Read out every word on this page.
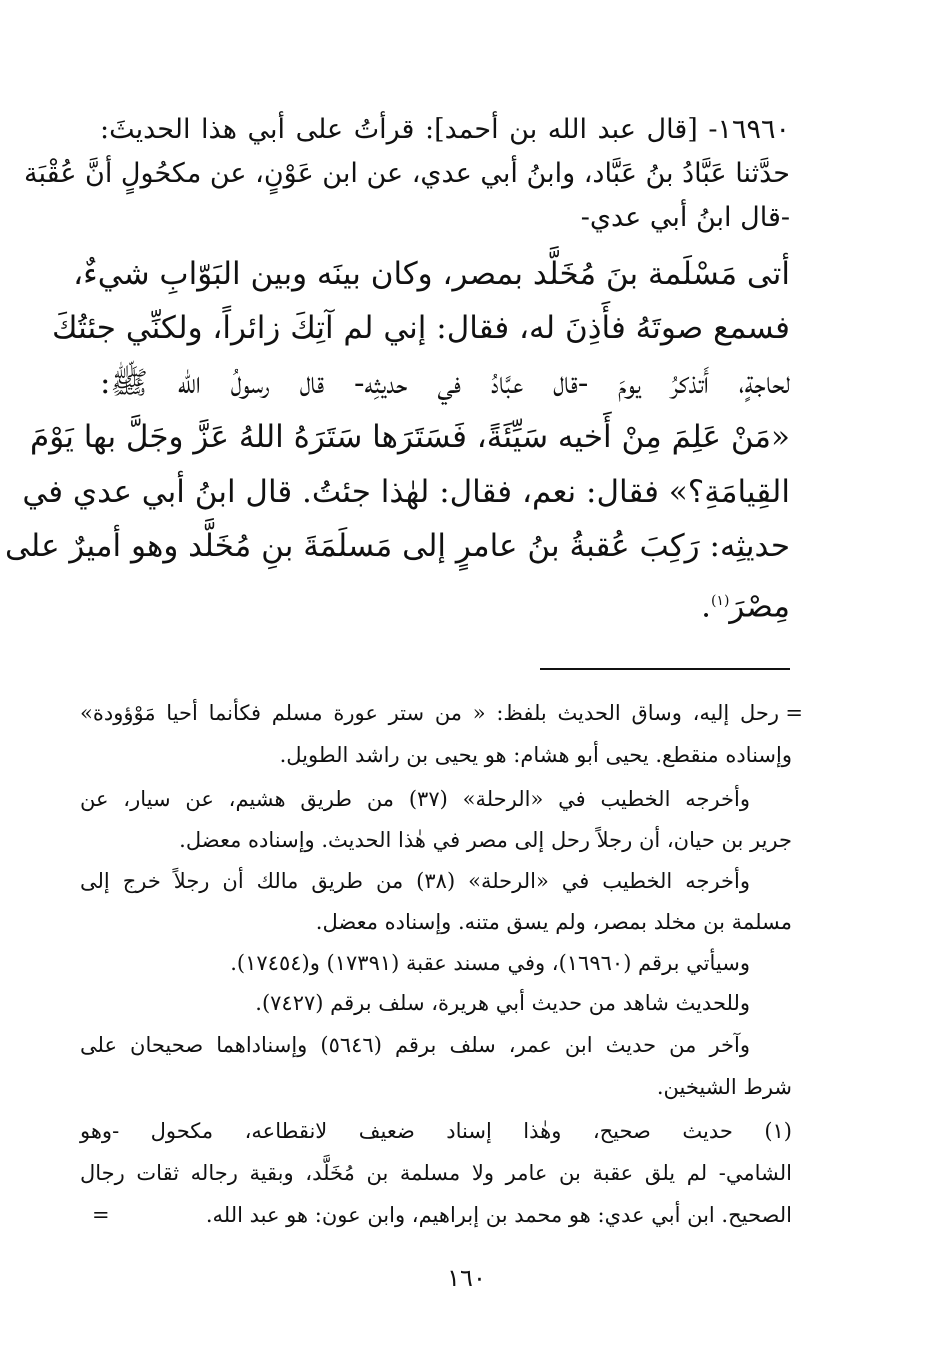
١٦٩٦٠- [قال عبد الله بن أحمد]: قرأتُ على أبي هذا الحديثَ:
حدَّثنا عَبَّادُ بنُ عَبَّاد، وابنُ أبي عدي، عن ابن عَوْنٍ، عن مكحُولٍ أنَّ عُقْبَة
-قال ابنُ أبي عدي-
أتى مَسْلَمة بنَ مُخَلَّد بمصر، وكان بينَه وبين البَوّابِ شيءٌ،
فسمع صوتَهُ فأَذِنَ له، فقال: إني لم آتِكَ زائراً، ولكنِّي جئتُكَ
لحاجةٍ، أَتذكرُ يومَ -قال عبَّادُ في حديثِه- قال رسولُ الله ﷺ:
«مَنْ عَلِمَ مِنْ أَخيه سَيِّئَةً، فَسَتَرَها سَتَرَهُ اللهُ عَزَّ وجَلَّ بها يَوْمَ
القِيامَةِ؟» فقال: نعم، فقال: لهٰذا جئتُ. قال ابنُ أبي عدي في
حديثِه: رَكِبَ عُقبةُ بنُ عامرٍ إلى مَسلَمَةَ بنِ مُخَلَّد وهو أميرٌ على
مِصْرَ$^{(١)}$.
=
رحل إليه، وساق الحديث بلفظ: « من ستر عورة مسلم فكأنما أحيا مَوْؤودة»
وإسناده منقطع. يحيى أبو هشام: هو يحيى بن راشد الطويل.
وأخرجه الخطيب في «الرحلة» (٣٧) من طريق هشيم، عن سيار، عن
جرير بن حيان، أن رجلاً رحل إلى مصر في هٰذا الحديث. وإسناده معضل.
وأخرجه الخطيب في «الرحلة» (٣٨) من طريق مالك أن رجلاً خرج إلى
مسلمة بن مخلد بمصر، ولم يسق متنه. وإسناده معضل.
وسيأتي برقم (١٦٩٦٠)، وفي مسند عقبة (١٧٣٩١) و(١٧٤٥٤).
وللحديث شاهد من حديث أبي هريرة، سلف برقم (٧٤٢٧).
وآخر من حديث ابن عمر، سلف برقم (٥٦٤٦) وإسناداهما صحيحان على
شرط الشيخين.
(١) حديث صحيح، وهٰذا إسناد ضعيف لانقطاعه، مكحول -وهو
الشامي- لم يلق عقبة بن عامر ولا مسلمة بن مُخَلَّد، وبقية رجاله ثقات رجال
الصحيح. ابن أبي عدي: هو محمد بن إبراهيم، وابن عون: هو عبد الله.
=
١٦٠
